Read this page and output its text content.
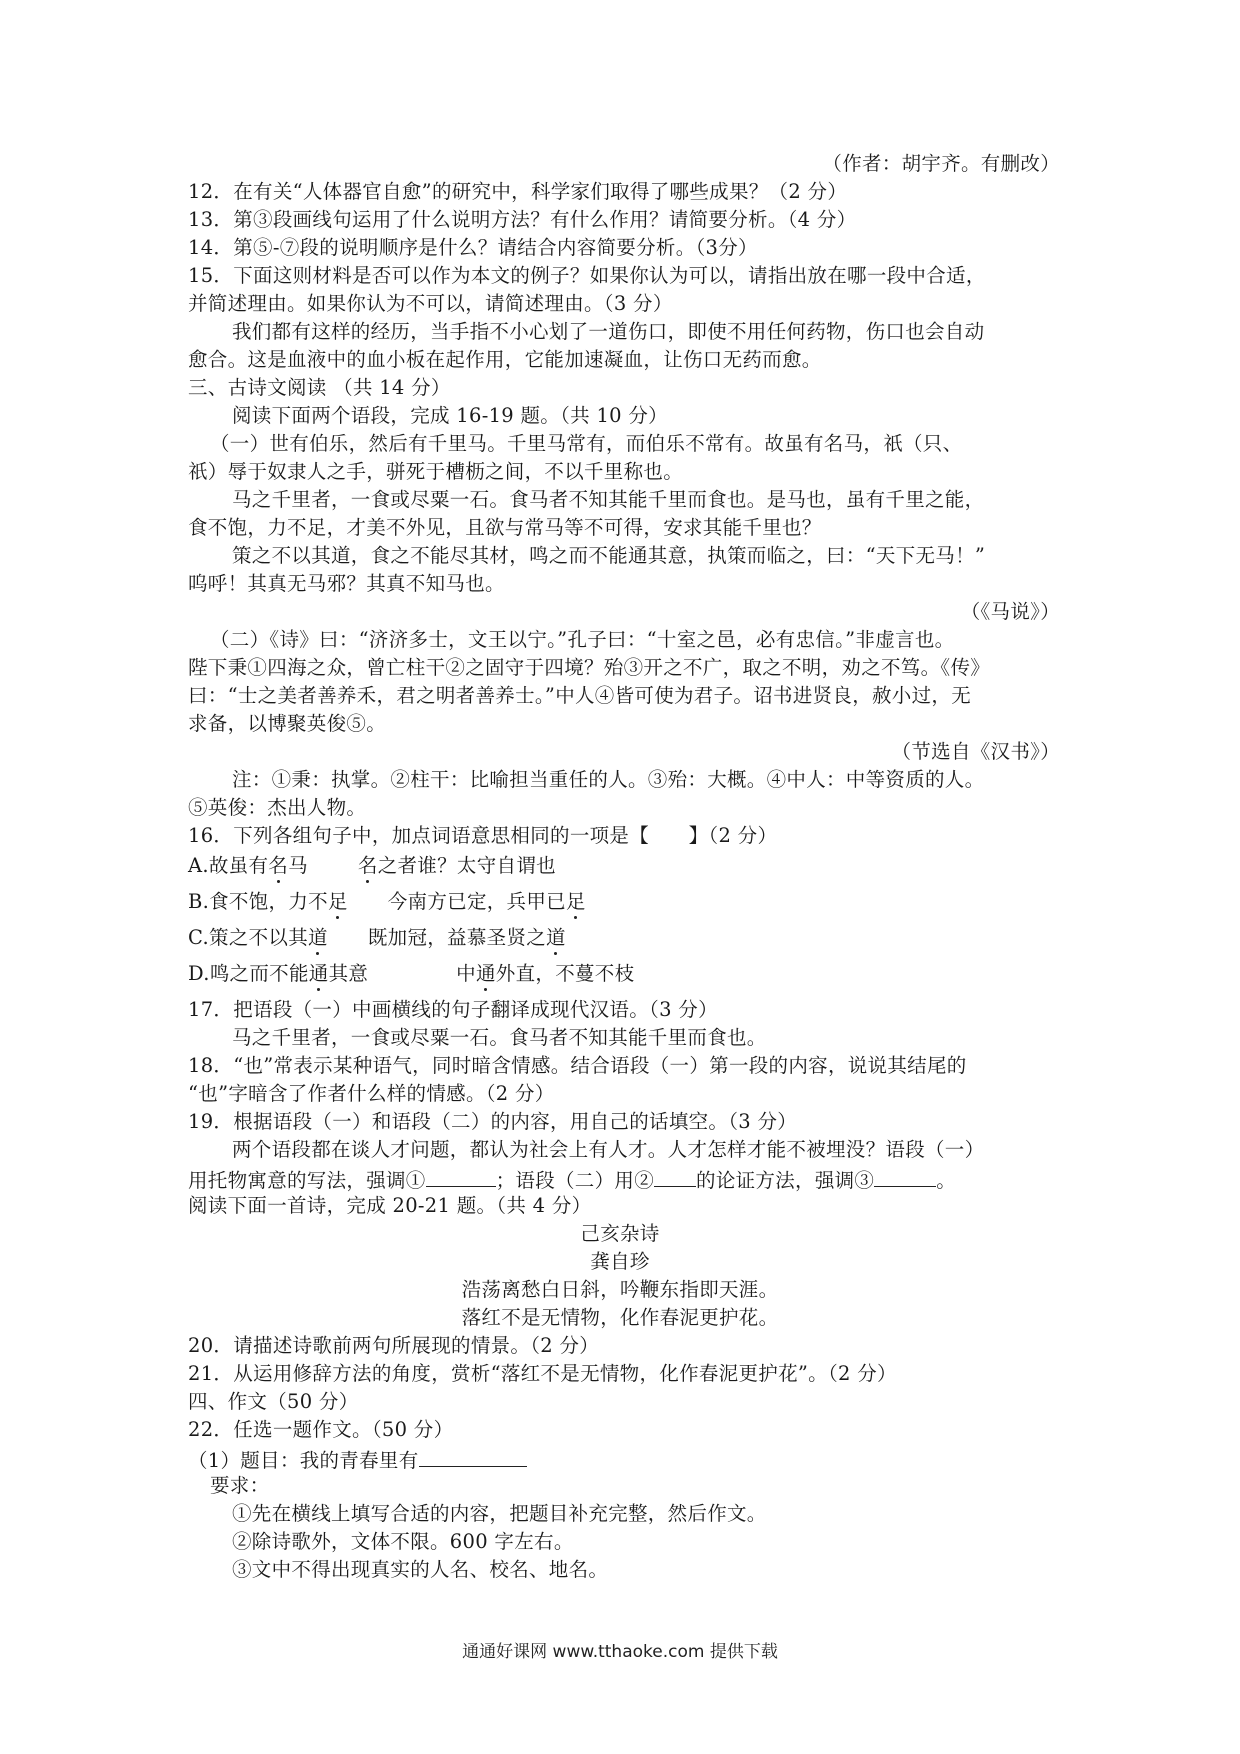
（作者：胡宇齐。有删改）
12．在有关“人体器官自愈”的研究中，科学家们取得了哪些成果？（2 分）
13．第③段画线句运用了什么说明方法？有什么作用？请简要分析。（4 分）
14．第⑤-⑦段的说明顺序是什么？请结合内容简要分析。（3分）
15．下面这则材料是否可以作为本文的例子？如果你认为可以，请指出放在哪一段中合适，
并简述理由。如果你认为不可以，请简述理由。（3 分）
我们都有这样的经历，当手指不小心划了一道伤口，即使不用任何药物，伤口也会自动
愈合。这是血液中的血小板在起作用，它能加速凝血，让伤口无药而愈。
三、古诗文阅读 （共 14 分）
阅读下面两个语段，完成 16-19 题。（共 10 分）
（一）世有伯乐，然后有千里马。千里马常有，而伯乐不常有。故虽有名马，祇（只、
祇）辱于奴隶人之手，骈死于槽枥之间，不以千里称也。
马之千里者，一食或尽粟一石。食马者不知其能千里而食也。是马也，虽有千里之能，
食不饱，力不足，才美不外见，且欲与常马等不可得，安求其能千里也？
策之不以其道，食之不能尽其材，鸣之而不能通其意，执策而临之，曰：“天下无马！”
呜呼！其真无马邪？其真不知马也。
（《马说》）
（二）《诗》曰：“济济多士，文王以宁。”孔子曰：“十室之邑，必有忠信。”非虚言也。
陛下秉①四海之众，曾亡柱干②之固守于四境？殆③开之不广，取之不明，劝之不笃。《传》
曰：“士之美者善养禾，君之明者善养士。”中人④皆可使为君子。诏书进贤良，赦小过，无
求备，以博聚英俊⑤。
（节选自《汉书》）
注：①秉：执掌。②柱干：比喻担当重任的人。③殆：大概。④中人：中等资质的人。
⑤英俊：杰出人物。
16．下列各组句子中，加点词语意思相同的一项是【　　】（2 分）
A.故虽有名马	名之者谁？太守自谓也
B.食不饱，力不足 今南方已定，兵甲已足
C.策之不以其道 既加冠，益慕圣贤之道
D.鸣之而不能通其意	中通外直，不蔓不枝
17．把语段（一）中画横线的句子翻译成现代汉语。（3 分）
马之千里者，一食或尽粟一石。食马者不知其能千里而食也。
18．“也”常表示某种语气，同时暗含情感。结合语段（一）第一段的内容，说说其结尾的
“也”字暗含了作者什么样的情感。（2 分）
19．根据语段（一）和语段（二）的内容，用自己的话填空。（3 分）
两个语段都在谈人才问题，都认为社会上有人才。人才怎样才能不被埋没？语段（一）
用托物寓意的写法，强调①	；语段（二）用② 的论证方法，强调③	。
阅读下面一首诗，完成 20-21 题。（共 4 分）
己亥杂诗
龚自珍
浩荡离愁白日斜，吟鞭东指即天涯。
落红不是无情物，化作春泥更护花。
20．请描述诗歌前两句所展现的情景。（2 分）
21．从运用修辞方法的角度，赏析“落红不是无情物，化作春泥更护花”。（2 分）
四、作文（50 分）
22．任选一题作文。（50 分）
（1）题目：我的青春里有
要求：
①先在横线上填写合适的内容，把题目补充完整，然后作文。
②除诗歌外，文体不限。600 字左右。
③文中不得出现真实的人名、校名、地名。
通通好课网 www.tthaoke.com 提供下载
